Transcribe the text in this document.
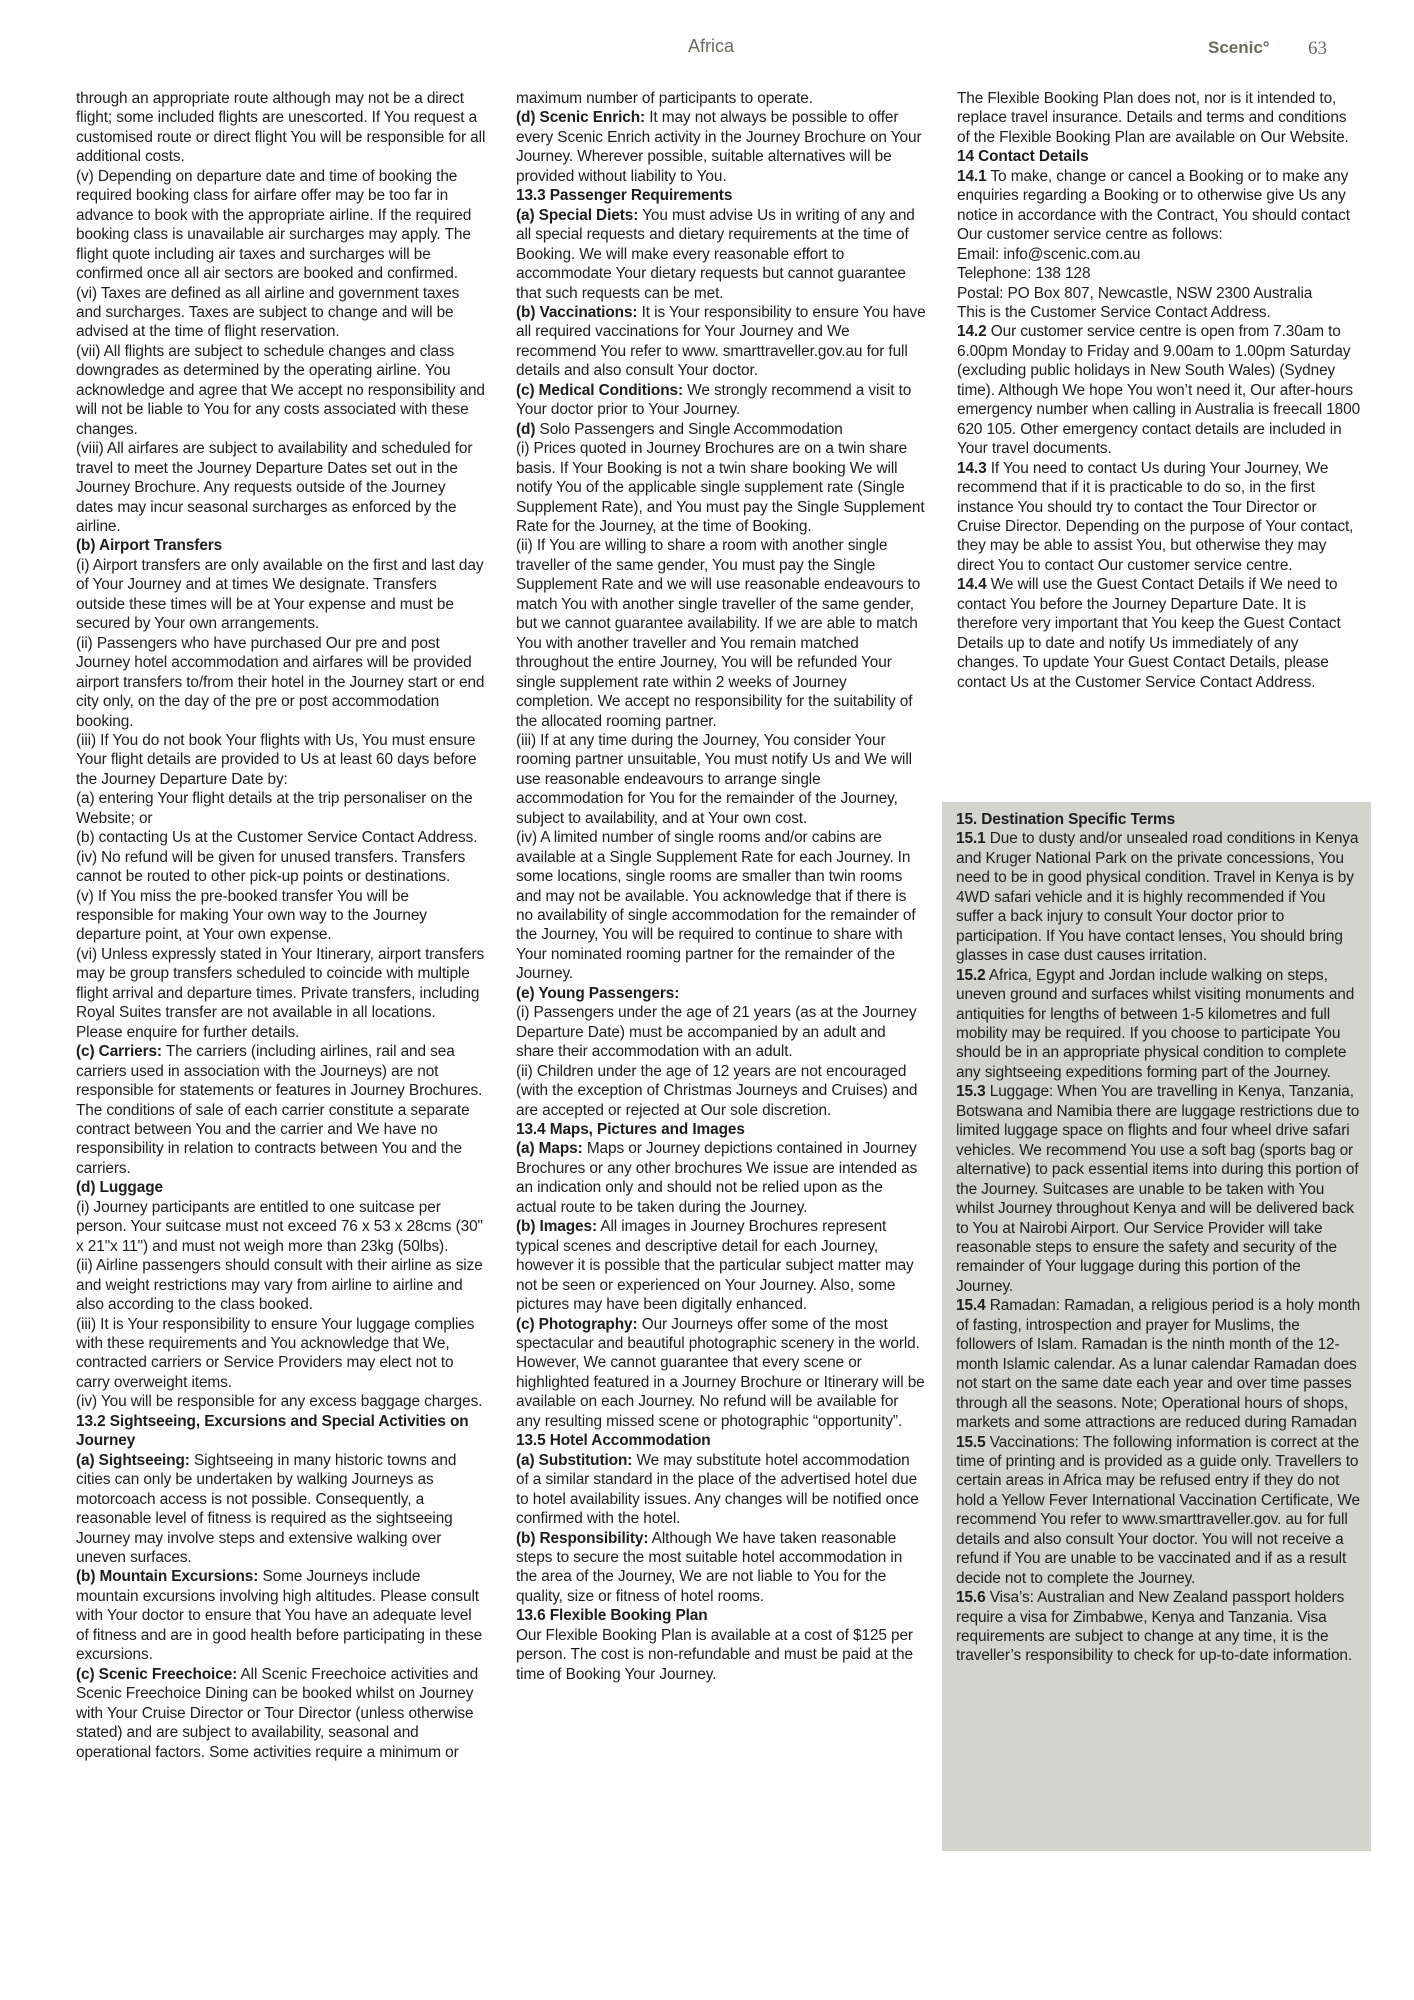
Africa	Scenic° 63

through an appropriate route although may not be a direct flight; some included flights are unescorted. If You request a customised route or direct flight You will be responsible for all additional costs.

(v) Depending on departure date and time of booking the required booking class for airfare offer may be too far in advance to book with the appropriate airline. If the required booking class is unavailable air surcharges may apply. The flight quote including air taxes and surcharges will be confirmed once all air sectors are booked and confirmed.

(vi) Taxes are defined as all airline and government taxes and surcharges. Taxes are subject to change and will be advised at the time of flight reservation.

(vii) All flights are subject to schedule changes and class downgrades as determined by the operating airline. You acknowledge and agree that We accept no responsibility and will not be liable to You for any costs associated with these changes.

(viii) All airfares are subject to availability and scheduled for travel to meet the Journey Departure Dates set out in the Journey Brochure. Any requests outside of the Journey dates may incur seasonal surcharges as enforced by the airline.

(b) Airport Transfers

(i) Airport transfers are only available on the first and last day of Your Journey and at times We designate. Transfers outside these times will be at Your expense and must be secured by Your own arrangements.

(ii) Passengers who have purchased Our pre and post Journey hotel accommodation and airfares will be provided airport transfers to/from their hotel in the Journey start or end city only, on the day of the pre or post accommodation booking.

(iii) If You do not book Your flights with Us, You must ensure Your flight details are provided to Us at least 60 days before the Journey Departure Date by:

(a) entering Your flight details at the trip personaliser on the Website; or

(b) contacting Us at the Customer Service Contact Address.

(iv) No refund will be given for unused transfers. Transfers cannot be routed to other pick-up points or destinations.

(v) If You miss the pre-booked transfer You will be responsible for making Your own way to the Journey departure point, at Your own expense.

(vi) Unless expressly stated in Your Itinerary, airport transfers may be group transfers scheduled to coincide with multiple flight arrival and departure times. Private transfers, including Royal Suites transfer are not available in all locations. Please enquire for further details.

(c) Carriers: The carriers (including airlines, rail and sea carriers used in association with the Journeys) are not responsible for statements or features in Journey Brochures. The conditions of sale of each carrier constitute a separate contract between You and the carrier and We have no responsibility in relation to contracts between You and the carriers.

(d) Luggage

(i) Journey participants are entitled to one suitcase per person. Your suitcase must not exceed 76 x 53 x 28cms (30" x 21"x 11") and must not weigh more than 23kg (50lbs).

(ii) Airline passengers should consult with their airline as size and weight restrictions may vary from airline to airline and also according to the class booked.

(iii) It is Your responsibility to ensure Your luggage complies with these requirements and You acknowledge that We, contracted carriers or Service Providers may elect not to carry overweight items.

(iv) You will be responsible for any excess baggage charges.

13.2 Sightseeing, Excursions and Special Activities on Journey

(a) Sightseeing: Sightseeing in many historic towns and cities can only be undertaken by walking Journeys as motorcoach access is not possible. Consequently, a reasonable level of fitness is required as the sightseeing Journey may involve steps and extensive walking over uneven surfaces.

(b) Mountain Excursions: Some Journeys include mountain excursions involving high altitudes. Please consult with Your doctor to ensure that You have an adequate level of fitness and are in good health before participating in these excursions.

(c) Scenic Freechoice: All Scenic Freechoice activities and Scenic Freechoice Dining can be booked whilst on Journey with Your Cruise Director or Tour Director (unless otherwise stated) and are subject to availability, seasonal and operational factors. Some activities require a minimum or

maximum number of participants to operate.

(d) Scenic Enrich: It may not always be possible to offer every Scenic Enrich activity in the Journey Brochure on Your Journey. Wherever possible, suitable alternatives will be provided without liability to You.

13.3 Passenger Requirements

(a) Special Diets: You must advise Us in writing of any and all special requests and dietary requirements at the time of Booking. We will make every reasonable effort to accommodate Your dietary requests but cannot guarantee that such requests can be met.

(b) Vaccinations: It is Your responsibility to ensure You have all required vaccinations for Your Journey and We recommend You refer to www. smarttraveller.gov.au for full details and also consult Your doctor.

(c) Medical Conditions: We strongly recommend a visit to Your doctor prior to Your Journey.

(d) Solo Passengers and Single Accommodation

(i) Prices quoted in Journey Brochures are on a twin share basis. If Your Booking is not a twin share booking We will notify You of the applicable single supplement rate (Single Supplement Rate), and You must pay the Single Supplement Rate for the Journey, at the time of Booking.

(ii) If You are willing to share a room with another single traveller of the same gender, You must pay the Single Supplement Rate and we will use reasonable endeavours to match You with another single traveller of the same gender, but we cannot guarantee availability. If we are able to match You with another traveller and You remain matched throughout the entire Journey, You will be refunded Your single supplement rate within 2 weeks of Journey completion. We accept no responsibility for the suitability of the allocated rooming partner.

(iii) If at any time during the Journey, You consider Your rooming partner unsuitable, You must notify Us and We will use reasonable endeavours to arrange single accommodation for You for the remainder of the Journey, subject to availability, and at Your own cost.

(iv) A limited number of single rooms and/or cabins are available at a Single Supplement Rate for each Journey. In some locations, single rooms are smaller than twin rooms and may not be available. You acknowledge that if there is no availability of single accommodation for the remainder of the Journey, You will be required to continue to share with Your nominated rooming partner for the remainder of the Journey.

(e) Young Passengers:

(i) Passengers under the age of 21 years (as at the Journey Departure Date) must be accompanied by an adult and share their accommodation with an adult.

(ii) Children under the age of 12 years are not encouraged (with the exception of Christmas Journeys and Cruises) and are accepted or rejected at Our sole discretion.

13.4 Maps, Pictures and Images

(a) Maps: Maps or Journey depictions contained in Journey Brochures or any other brochures We issue are intended as an indication only and should not be relied upon as the actual route to be taken during the Journey.

(b) Images: All images in Journey Brochures represent typical scenes and descriptive detail for each Journey, however it is possible that the particular subject matter may not be seen or experienced on Your Journey. Also, some pictures may have been digitally enhanced.

(c) Photography: Our Journeys offer some of the most spectacular and beautiful photographic scenery in the world. However, We cannot guarantee that every scene or highlighted featured in a Journey Brochure or Itinerary will be available on each Journey. No refund will be available for any resulting missed scene or photographic “opportunity”.

13.5 Hotel Accommodation

(a) Substitution: We may substitute hotel accommodation of a similar standard in the place of the advertised hotel due to hotel availability issues. Any changes will be notified once confirmed with the hotel.

(b) Responsibility: Although We have taken reasonable steps to secure the most suitable hotel accommodation in the area of the Journey, We are not liable to You for the quality, size or fitness of hotel rooms.

13.6 Flexible Booking Plan

Our Flexible Booking Plan is available at a cost of $125 per person. The cost is non-refundable and must be paid at the time of Booking Your Journey.

The Flexible Booking Plan does not, nor is it intended to, replace travel insurance. Details and terms and conditions of the Flexible Booking Plan are available on Our Website.

14 Contact Details

14.1 To make, change or cancel a Booking or to make any enquiries regarding a Booking or to otherwise give Us any notice in accordance with the Contract, You should contact Our customer service centre as follows:

Email: info@scenic.com.au

Telephone: 138 128

Postal: PO Box 807, Newcastle, NSW 2300 Australia

This is the Customer Service Contact Address.

14.2 Our customer service centre is open from 7.30am to 6.00pm Monday to Friday and 9.00am to 1.00pm Saturday (excluding public holidays in New South Wales) (Sydney time). Although We hope You won’t need it, Our after-hours emergency number when calling in Australia is freecall 1800 620 105. Other emergency contact details are included in Your travel documents.

14.3 If You need to contact Us during Your Journey, We recommend that if it is practicable to do so, in the first instance You should try to contact the Tour Director or Cruise Director. Depending on the purpose of Your contact, they may be able to assist You, but otherwise they may direct You to contact Our customer service centre.

14.4 We will use the Guest Contact Details if We need to contact You before the Journey Departure Date. It is therefore very important that You keep the Guest Contact Details up to date and notify Us immediately of any changes. To update Your Guest Contact Details, please contact Us at the Customer Service Contact Address.

15. Destination Specific Terms

15.1 Due to dusty and/or unsealed road conditions in Kenya and Kruger National Park on the private concessions, You need to be in good physical condition. Travel in Kenya is by 4WD safari vehicle and it is highly recommended if You suffer a back injury to consult Your doctor prior to participation. If You have contact lenses, You should bring glasses in case dust causes irritation.

15.2 Africa, Egypt and Jordan include walking on steps, uneven ground and surfaces whilst visiting monuments and antiquities for lengths of between 1-5 kilometres and full mobility may be required. If you choose to participate You should be in an appropriate physical condition to complete any sightseeing expeditions forming part of the Journey.

15.3 Luggage: When You are travelling in Kenya, Tanzania, Botswana and Namibia there are luggage restrictions due to limited luggage space on flights and four wheel drive safari vehicles. We recommend You use a soft bag (sports bag or alternative) to pack essential items into during this portion of the Journey. Suitcases are unable to be taken with You whilst Journey throughout Kenya and will be delivered back to You at Nairobi Airport. Our Service Provider will take reasonable steps to ensure the safety and security of the remainder of Your luggage during this portion of the Journey.

15.4 Ramadan: Ramadan, a religious period is a holy month of fasting, introspection and prayer for Muslims, the followers of Islam. Ramadan is the ninth month of the 12-month Islamic calendar. As a lunar calendar Ramadan does not start on the same date each year and over time passes through all the seasons. Note; Operational hours of shops, markets and some attractions are reduced during Ramadan

15.5 Vaccinations: The following information is correct at the time of printing and is provided as a guide only. Travellers to certain areas in Africa may be refused entry if they do not hold a Yellow Fever International Vaccination Certificate, We recommend You refer to www.smarttraveller.gov. au for full details and also consult Your doctor. You will not receive a refund if You are unable to be vaccinated and if as a result decide not to complete the Journey.

15.6 Visa’s: Australian and New Zealand passport holders require a visa for Zimbabwe, Kenya and Tanzania. Visa requirements are subject to change at any time, it is the traveller’s responsibility to check for up-to-date information.
